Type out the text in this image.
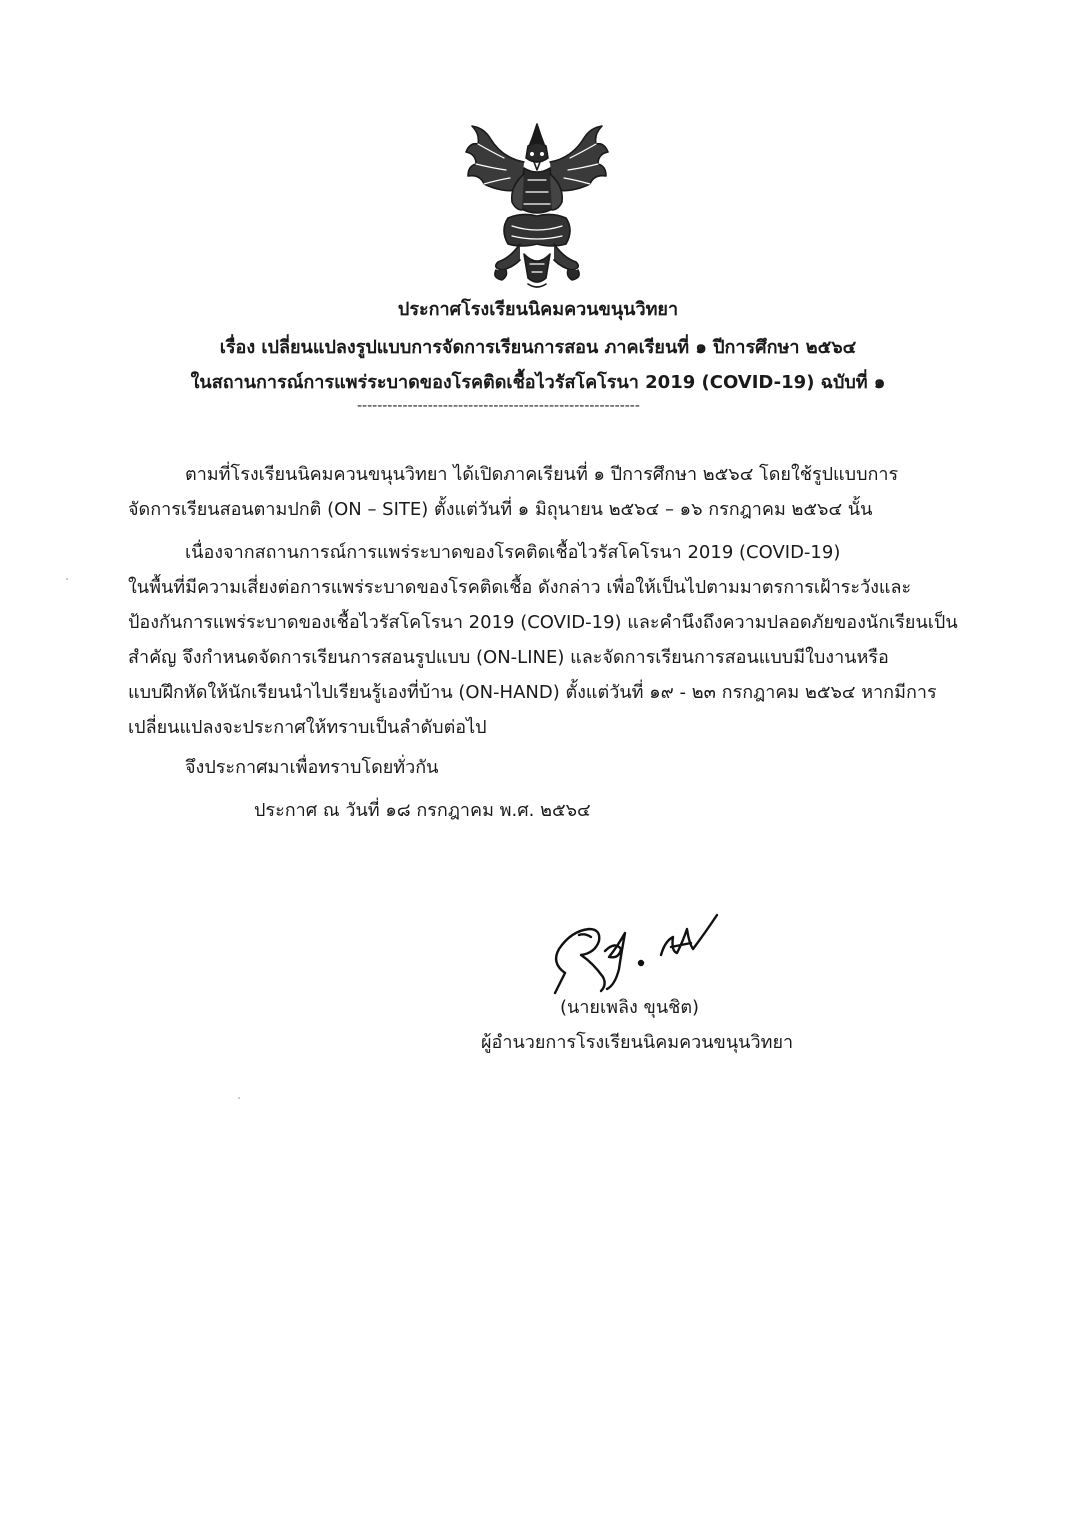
ประกาศโรงเรียนนิคมควนขนุนวิทยา
เรื่อง เปลี่ยนแปลงรูปแบบการจัดการเรียนการสอน ภาคเรียนที่ ๑ ปีการศึกษา ๒๕๖๔
ในสถานการณ์การแพร่ระบาดของโรคติดเชื้อไวรัสโคโรนา 2019 (COVID-19) ฉบับที่ ๑
--------------------------------------------------------
ตามที่โรงเรียนนิคมควนขนุนวิทยา ได้เปิดภาคเรียนที่ ๑ ปีการศึกษา ๒๕๖๔ โดยใช้รูปแบบการ
จัดการเรียนสอนตามปกติ (ON – SITE) ตั้งแต่วันที่ ๑ มิถุนายน ๒๕๖๔ – ๑๖ กรกฎาคม ๒๕๖๔ นั้น
เนื่องจากสถานการณ์การแพร่ระบาดของโรคติดเชื้อไวรัสโคโรนา 2019 (COVID-19)
ในพื้นที่มีความเสี่ยงต่อการแพร่ระบาดของโรคติดเชื้อ ดังกล่าว เพื่อให้เป็นไปตามมาตรการเฝ้าระวังและ
ป้องกันการแพร่ระบาดของเชื้อไวรัสโคโรนา 2019 (COVID-19) และคำนึงถึงความปลอดภัยของนักเรียนเป็น
สำคัญ จึงกำหนดจัดการเรียนการสอนรูปแบบ (ON-LINE) และจัดการเรียนการสอนแบบมีใบงานหรือ
แบบฝึกหัดให้นักเรียนนำไปเรียนรู้เองที่บ้าน (ON-HAND) ตั้งแต่วันที่ ๑๙ - ๒๓ กรกฎาคม ๒๕๖๔ หากมีการ
เปลี่ยนแปลงจะประกาศให้ทราบเป็นลำดับต่อไป
จึงประกาศมาเพื่อทราบโดยทั่วกัน
ประกาศ ณ วันที่ ๑๘ กรกฎาคม พ.ศ. ๒๕๖๔
(นายเพลิง ขุนชิต)
ผู้อำนวยการโรงเรียนนิคมควนขนุนวิทยา
